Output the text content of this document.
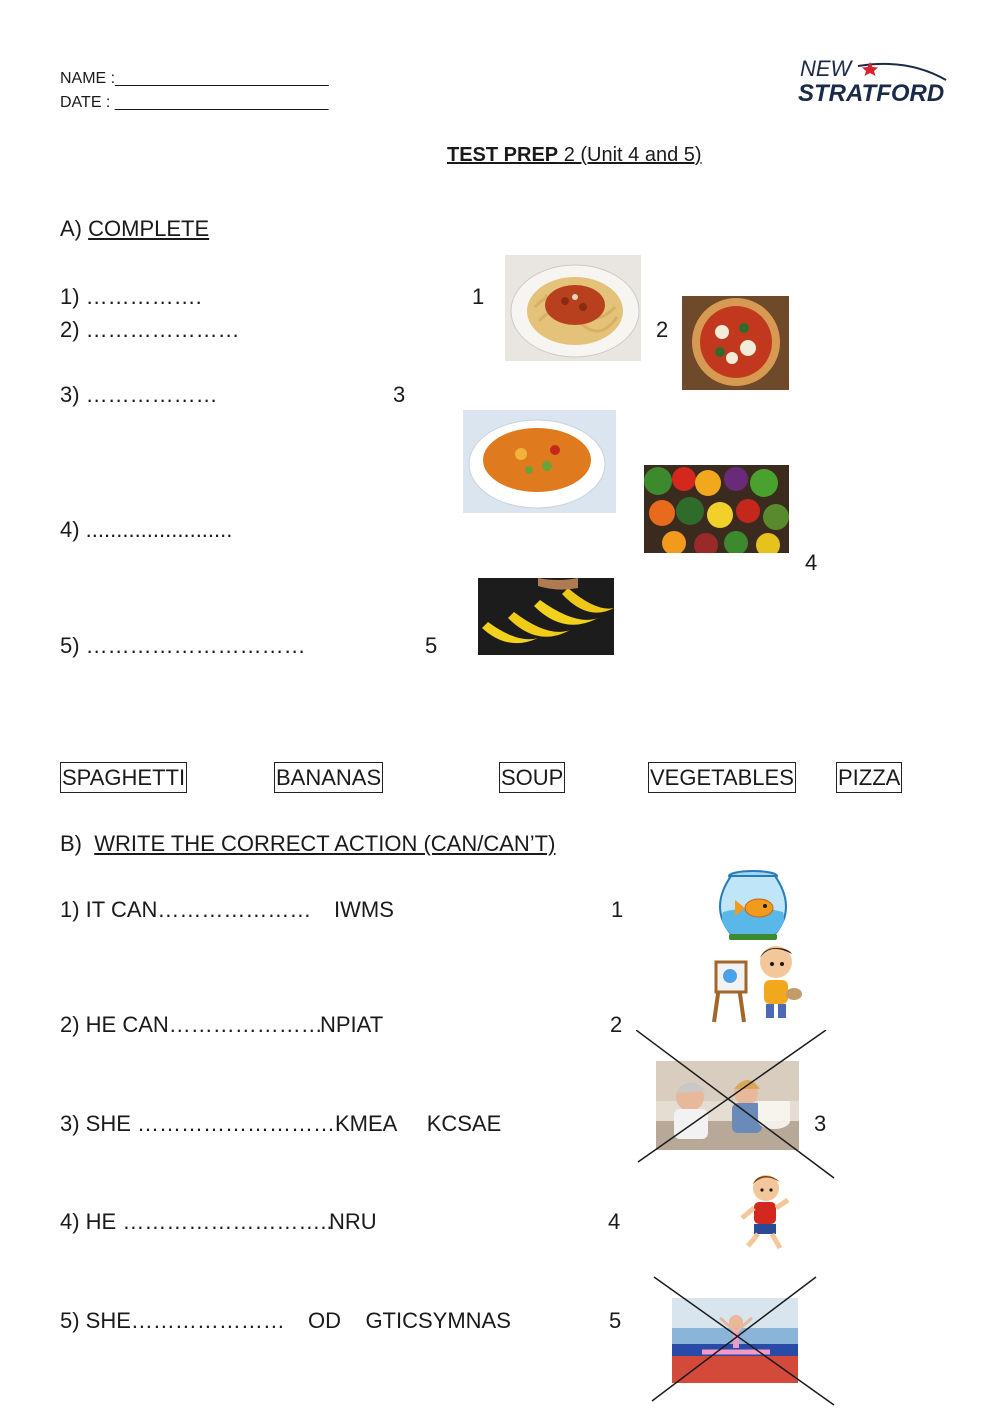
NAME :________________________
DATE : ________________________
NEW
STRATFORD
TEST PREP 2 (Unit 4 and 5)
A) COMPLETE
1) …………….
2) …………………
3) ………………
4) ........................
5) …………………………
1
2
3
4
5
SPAGHETTI	BANANAS	SOUP	VEGETABLES PIZZA
B)  WRITE THE CORRECT ACTION (CAN/CAN’T)
1) IT CAN………………… IWMS	1
2) HE CAN…………………
NPIAT	2
3) SHE ……………………….
KMEA     KCSAE	3
4) HE ………………………..
NRU	4
5) SHE………………… OD    GTICSYMNAS	5
